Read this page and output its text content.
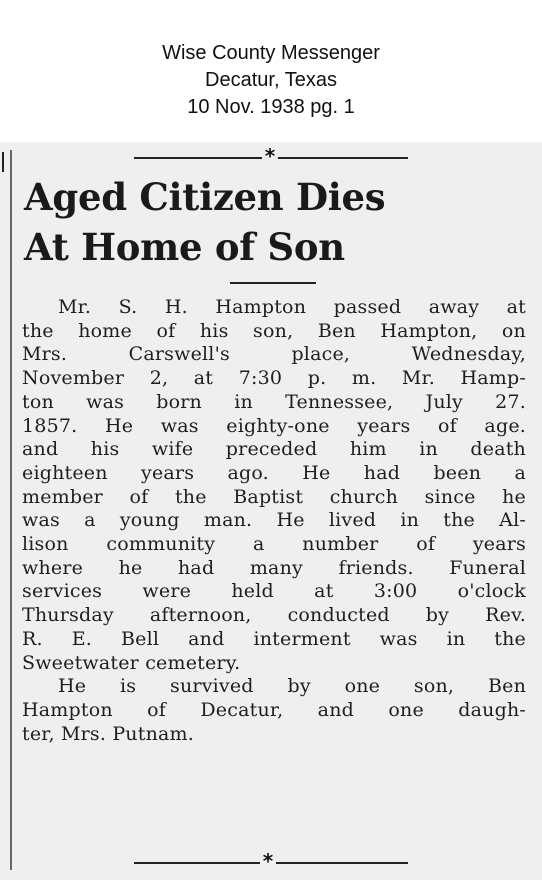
Wise County Messenger
Decatur, Texas
10 Nov. 1938 pg. 1
*
Aged Citizen Dies
At Home of Son
Mr. S. H. Hampton passed away at
the home of his son, Ben Hampton, on
Mrs. Carswell's place, Wednesday,
November 2, at 7:30 p. m. Mr. Hamp-
ton was born in Tennessee, July 27.
1857. He was eighty-one years of age.
and his wife preceded him in death
eighteen years ago. He had been a
member of the Baptist church since he
was a young man. He lived in the Al-
lison community a number of years
where he had many friends. Funeral
services were held at 3:00 o'clock
Thursday afternoon, conducted by Rev.
R. E. Bell and interment was in the
Sweetwater cemetery.
He is survived by one son, Ben
Hampton of Decatur, and one daugh-
ter, Mrs. Putnam.
*
